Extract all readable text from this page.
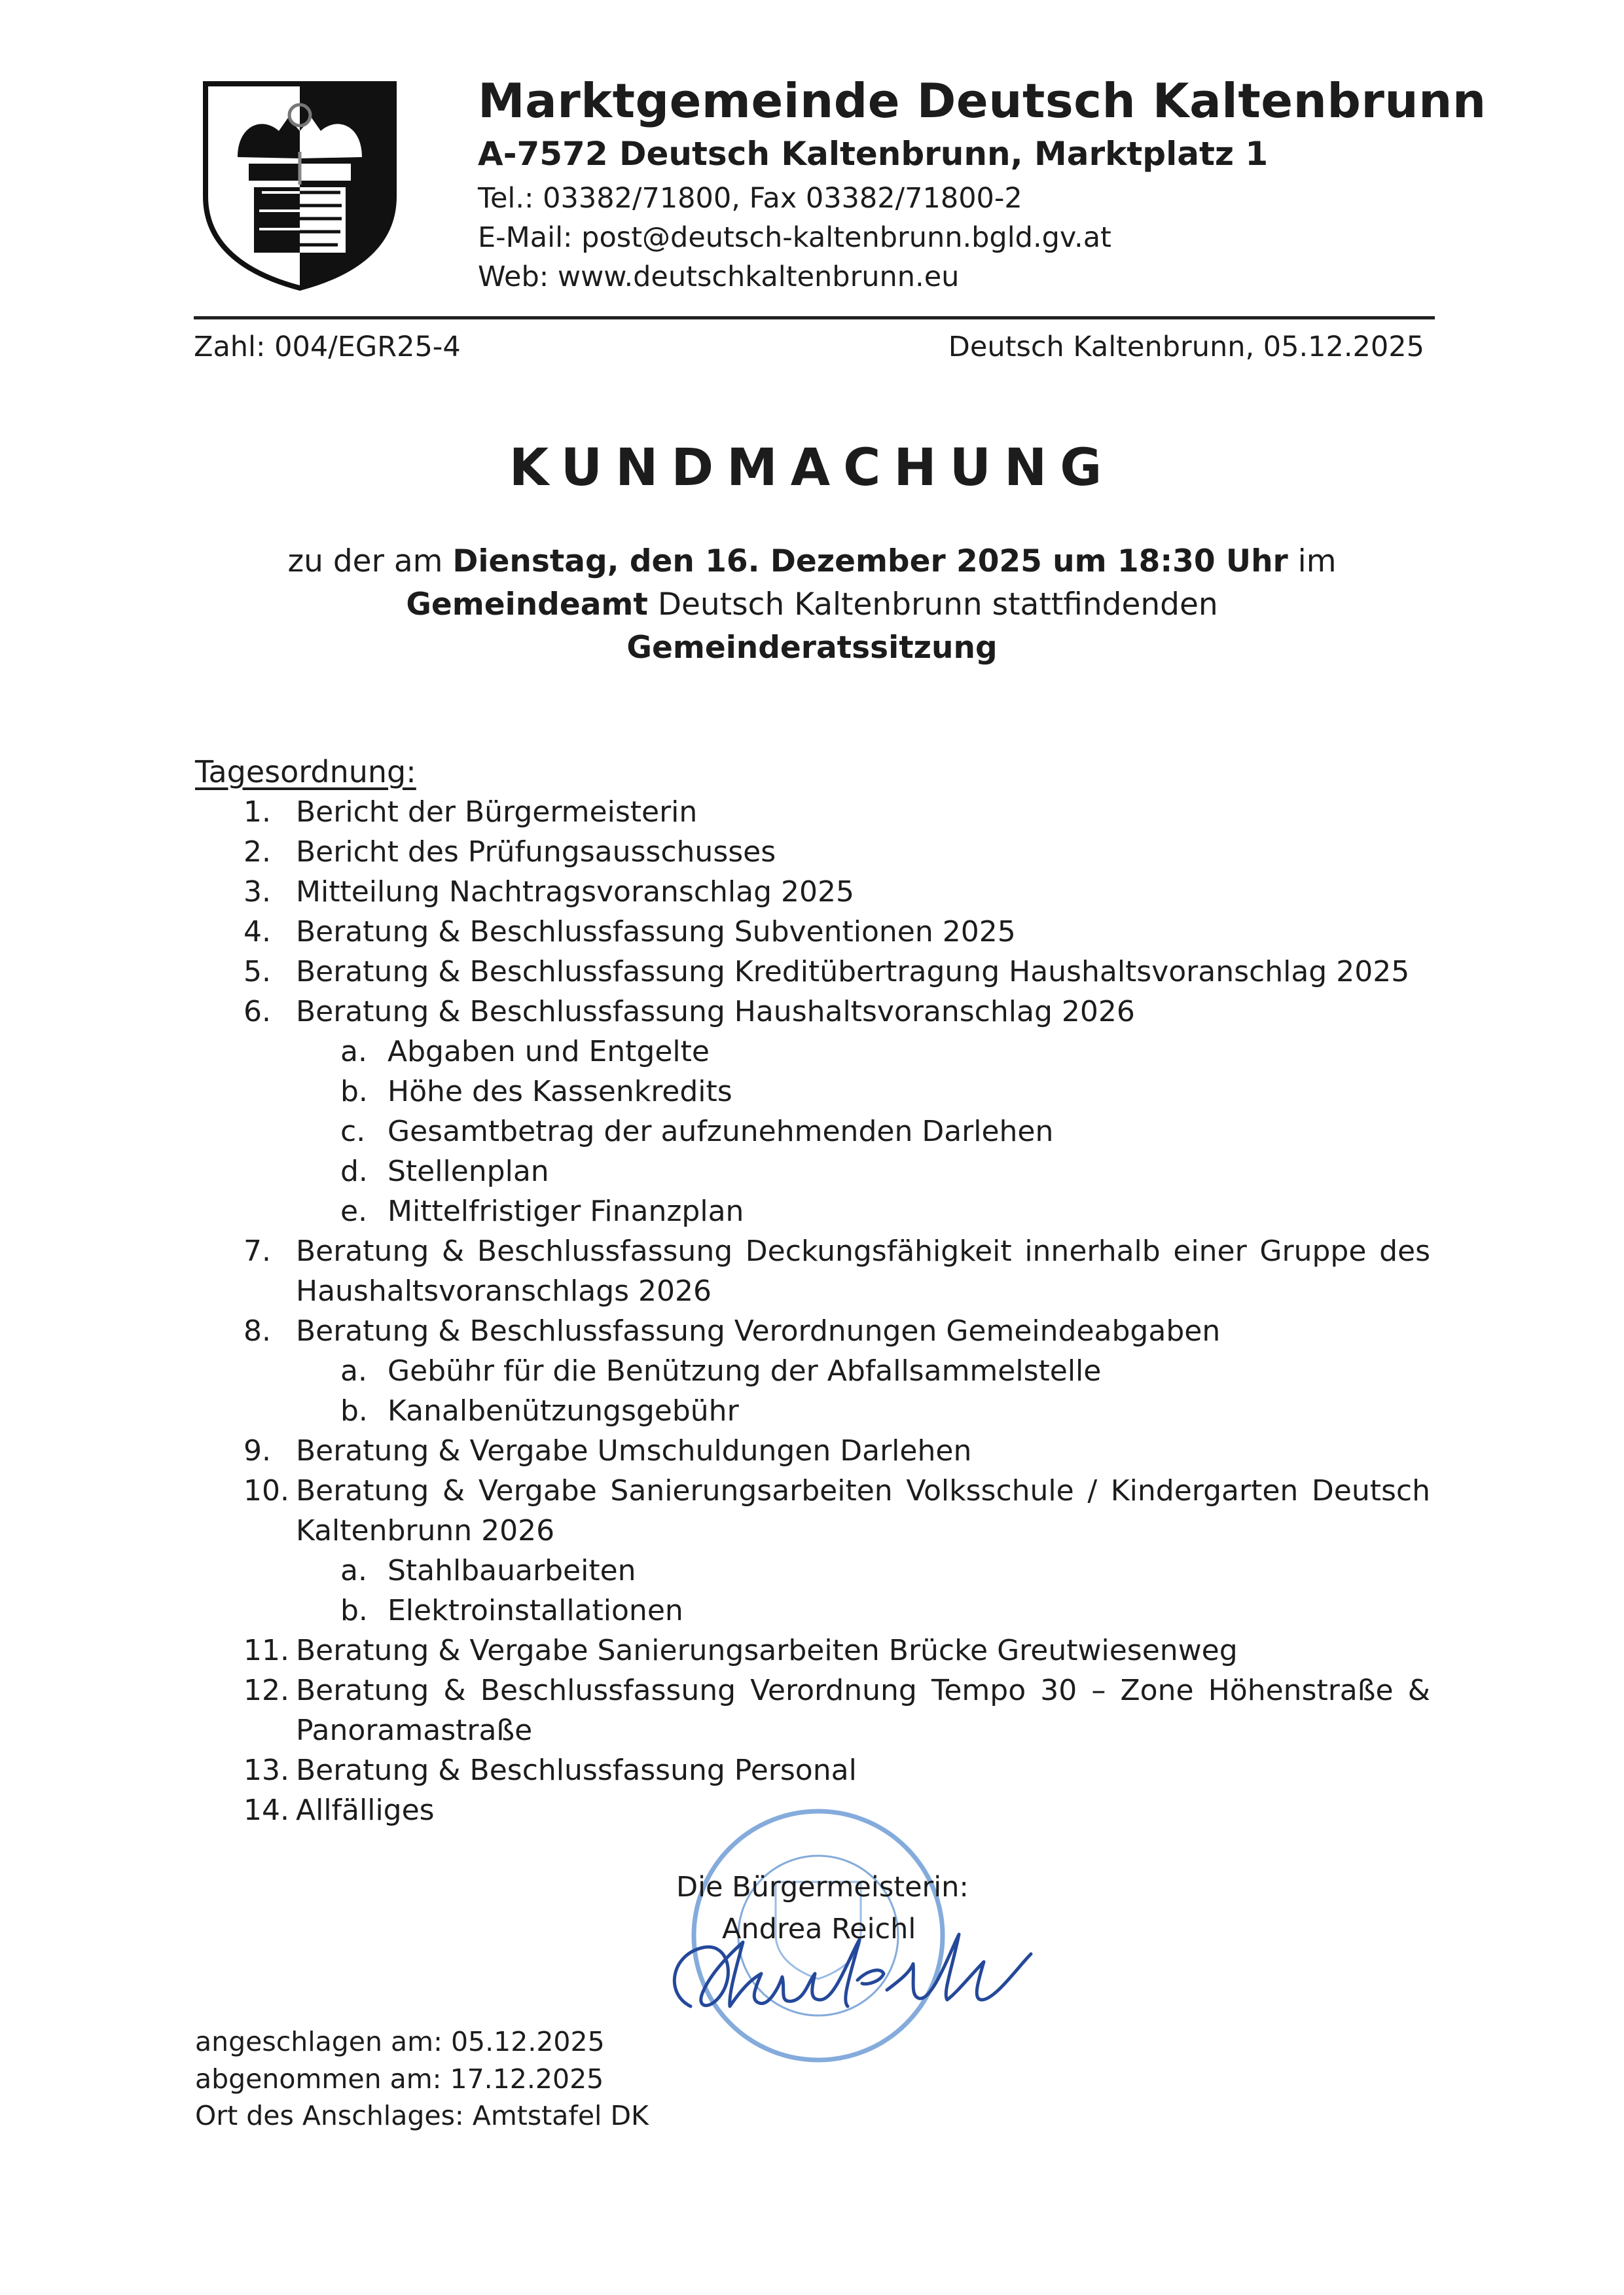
Marktgemeinde Deutsch Kaltenbrunn
A-7572 Deutsch Kaltenbrunn, Marktplatz 1
Tel.: 03382/71800, Fax 03382/71800-2
E-Mail: post@deutsch-kaltenbrunn.bgld.gv.at
Web: www.deutschkaltenbrunn.eu
Zahl: 004/EGR25-4	Deutsch Kaltenbrunn, 05.12.2025
KUNDMACHUNG
zu der am Dienstag, den 16. Dezember 2025 um 18:30 Uhr im
Gemeindeamt Deutsch Kaltenbrunn stattfindenden
Gemeinderatssitzung
Tagesordnung:
1. Bericht der Bürgermeisterin
2. Bericht des Prüfungsausschusses
3. Mitteilung Nachtragsvoranschlag 2025
4. Beratung & Beschlussfassung Subventionen 2025
5. Beratung & Beschlussfassung Kreditübertragung Haushaltsvoranschlag 2025
6. Beratung & Beschlussfassung Haushaltsvoranschlag 2026
a. Abgaben und Entgelte
b. Höhe des Kassenkredits
c. Gesamtbetrag der aufzunehmenden Darlehen
d. Stellenplan
e. Mittelfristiger Finanzplan
7. Beratung & Beschlussfassung Deckungsfähigkeit innerhalb einer Gruppe des Haushaltsvoranschlags 2026
8. Beratung & Beschlussfassung Verordnungen Gemeindeabgaben
a. Gebühr für die Benützung der Abfallsammelstelle
b. Kanalbenützungsgebühr
9. Beratung & Vergabe Umschuldungen Darlehen
10. Beratung & Vergabe Sanierungsarbeiten Volksschule / Kindergarten Deutsch Kaltenbrunn 2026
a. Stahlbauarbeiten
b. Elektroinstallationen
11. Beratung & Vergabe Sanierungsarbeiten Brücke Greutwiesenweg
12. Beratung & Beschlussfassung Verordnung Tempo 30 – Zone Höhenstraße & Panoramastraße
13. Beratung & Beschlussfassung Personal
14. Allfälliges
Die Bürgermeisterin:
Andrea Reichl
angeschlagen am: 05.12.2025
abgenommen am: 17.12.2025
Ort des Anschlages: Amtstafel DK
